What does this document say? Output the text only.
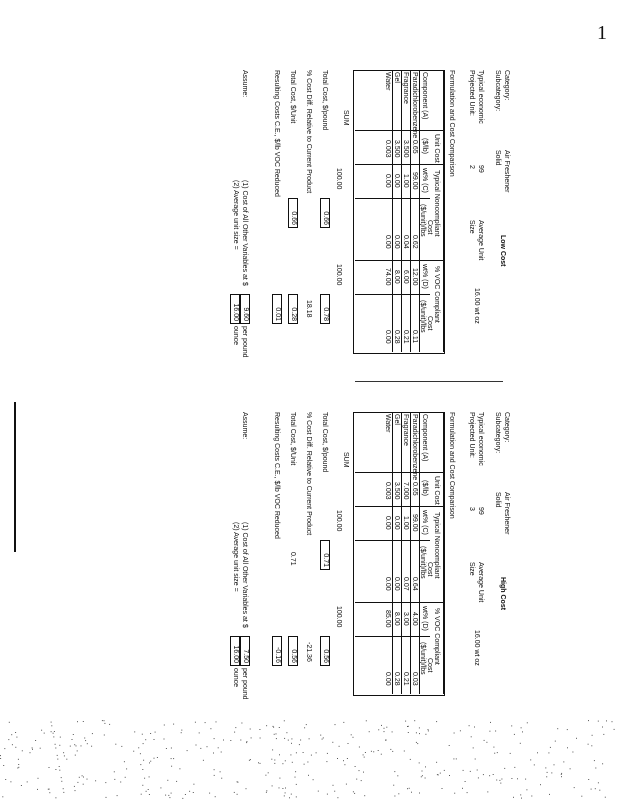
1
Category:
Air Freshener
Subcategory:
Solid
Low Cost
Typical economic
99
Projected Unit:
2
Average Unit
Size
16.00 wt oz
Formulation and Cost Comparison
Component (A)
Unit Cost
($/lb)
Typical Noncompliant
wt% (C)
Cost
($/unit)/lbs
% VOC Compliant
wt% (D)
Cost
($/unit)/lbs
Paradichlorobenzene
0.65
99.00
0.62
12.00
0.11
Fragrance
3.500
1.00
0.04
6.00
0.21
Gel
3.500
0.00
0.00
8.00
0.28
Water
0.003
0.00
0.00
74.00
0.00
SUM
100.00
100.00
Total Cost, $/pound
0.66
0.78
% Cost Diff. Relative to Current Product
18.18
Total Cost, $/Unit
0.66
0.28
Resulting Costs C.E., $/lb VOC Reduced
0.01
Assume:
(1) Cost of All Other Variables at
$
9.60
per pound
(2) Average unit size =
16.00
ounce
Category:
Air Freshener
Subcategory:
Solid
High Cost
Typical economic
99
Projected Unit:
3
Average Unit
Size
16.00 wt oz
Formulation and Cost Comparison
Component (A)
Unit Cost
($/lb)
Typical Noncompliant
wt% (C)
Cost
($/unit)/lbs
% VOC Compliant
wt% (D)
Cost
($/unit)/lbs
Paradichlorobenzene
0.65
99.00
0.64
4.00
0.03
Fragrance
7.000
1.00
0.07
3.00
0.21
Gel
3.500
0.00
0.00
8.00
0.28
Water
0.003
0.00
0.00
85.00
0.00
SUM
100.00
100.00
Total Cost, $/pound
0.71
0.56
% Cost Diff. Relative to Current Product
-21.36
Total Cost, $/Unit
0.71
0.56
Resulting Costs C.E., $/lb VOC Reduced
-0.16
Assume:
(1) Cost of All Other Variables at
$
7.50
per pound
(2) Average unit size =
16.00
ounce
